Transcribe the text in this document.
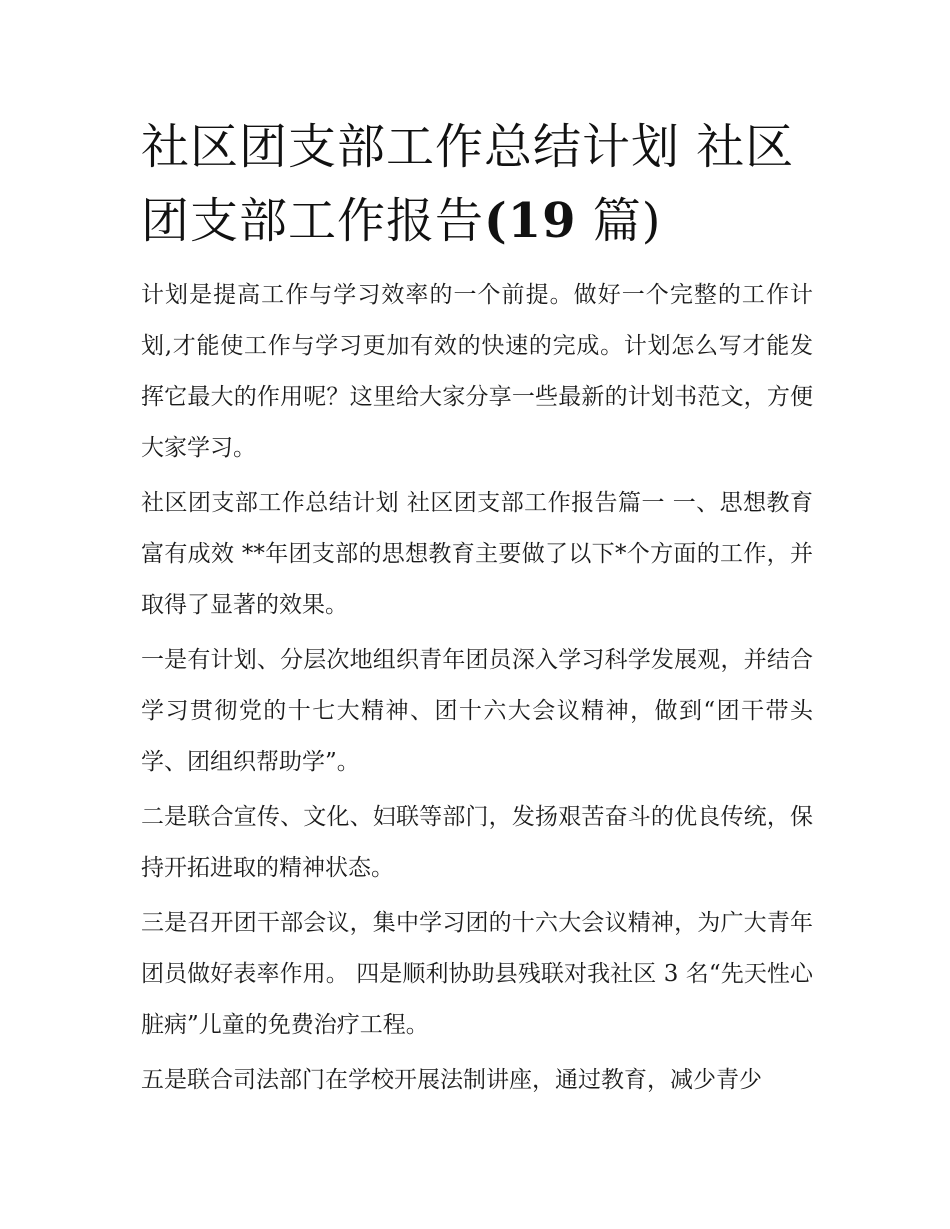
社区团支部工作总结计划 社区团支部工作报告(19 篇)

计划是提高工作与学习效率的一个前提。做好一个完整的工作计划,才能使工作与学习更加有效的快速的完成。计划怎么写才能发挥它最大的作用呢？这里给大家分享一些最新的计划书范文，方便大家学习。

社区团支部工作总结计划 社区团支部工作报告篇一 一、思想教育富有成效 **年团支部的思想教育主要做了以下*个方面的工作，并取得了显著的效果。

一是有计划、分层次地组织青年团员深入学习科学发展观，并结合学习贯彻党的十七大精神、团十六大会议精神，做到“团干带头学、团组织帮助学”。

二是联合宣传、文化、妇联等部门，发扬艰苦奋斗的优良传统，保持开拓进取的精神状态。

三是召开团干部会议，集中学习团的十六大会议精神，为广大青年团员做好表率作用。 四是顺利协助县残联对我社区 3 名“先天性心脏病”儿童的免费治疗工程。

五是联合司法部门在学校开展法制讲座，通过教育，减少青少
